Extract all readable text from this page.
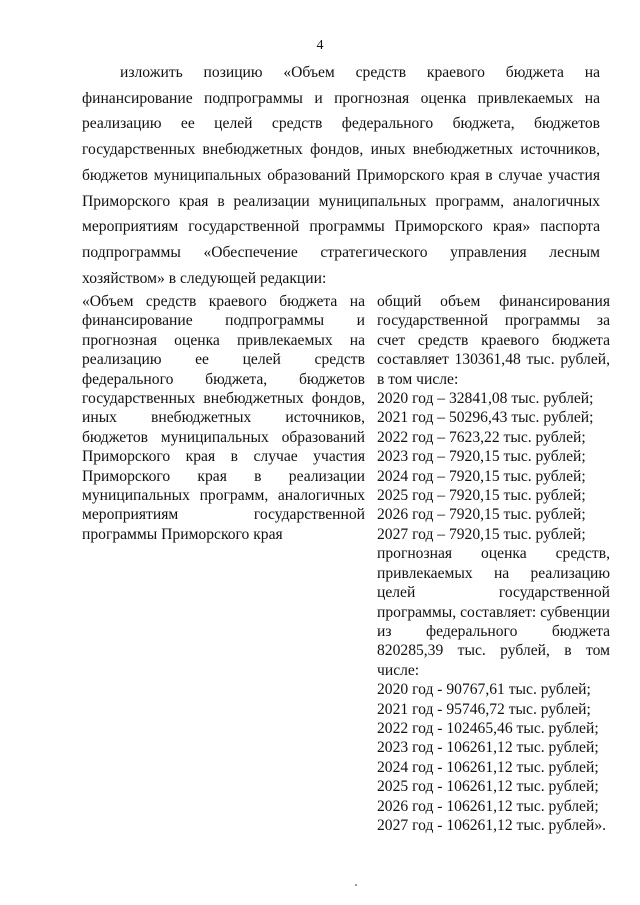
4

изложить позицию «Объем средств краевого бюджета на финансирование подпрограммы и прогнозная оценка привлекаемых на реализацию ее целей средств федерального бюджета, бюджетов государственных внебюджетных фондов, иных внебюджетных источников, бюджетов муниципальных образований Приморского края в случае участия Приморского края в реализации муниципальных программ, аналогичных мероприятиям государственной программы Приморского края» паспорта подпрограммы «Обеспечение стратегического управления лесным хозяйством» в следующей редакции:

«Объем средств краевого бюджета на финансирование подпрограммы и прогнозная оценка привлекаемых на реализацию ее целей средств федерального бюджета, бюджетов государственных внебюджетных фондов, иных внебюджетных источников, бюджетов муниципальных образований Приморского края в случае участия Приморского края в реализации муниципальных программ, аналогичных мероприятиям государственной программы Приморского края

общий объем финансирования государственной программы за счет средств краевого бюджета составляет 130361,48 тыс. рублей, в том числе:

2020 год – 32841,08 тыс. рублей;
2021 год – 50296,43 тыс. рублей;
2022 год – 7623,22 тыс. рублей;
2023 год – 7920,15 тыс. рублей;
2024 год – 7920,15 тыс. рублей;
2025 год – 7920,15 тыс. рублей;
2026 год – 7920,15 тыс. рублей;
2027 год – 7920,15 тыс. рублей;

прогнозная оценка средств, привлекаемых на реализацию целей государственной программы, составляет: субвенции из федерального бюджета 820285,39 тыс. рублей, в том числе:

2020 год - 90767,61 тыс. рублей;
2021 год - 95746,72 тыс. рублей;
2022 год - 102465,46 тыс. рублей;
2023 год - 106261,12 тыс. рублей;
2024 год - 106261,12 тыс. рублей;
2025 год - 106261,12 тыс. рублей;
2026 год - 106261,12 тыс. рублей;
2027 год - 106261,12 тыс. рублей».
